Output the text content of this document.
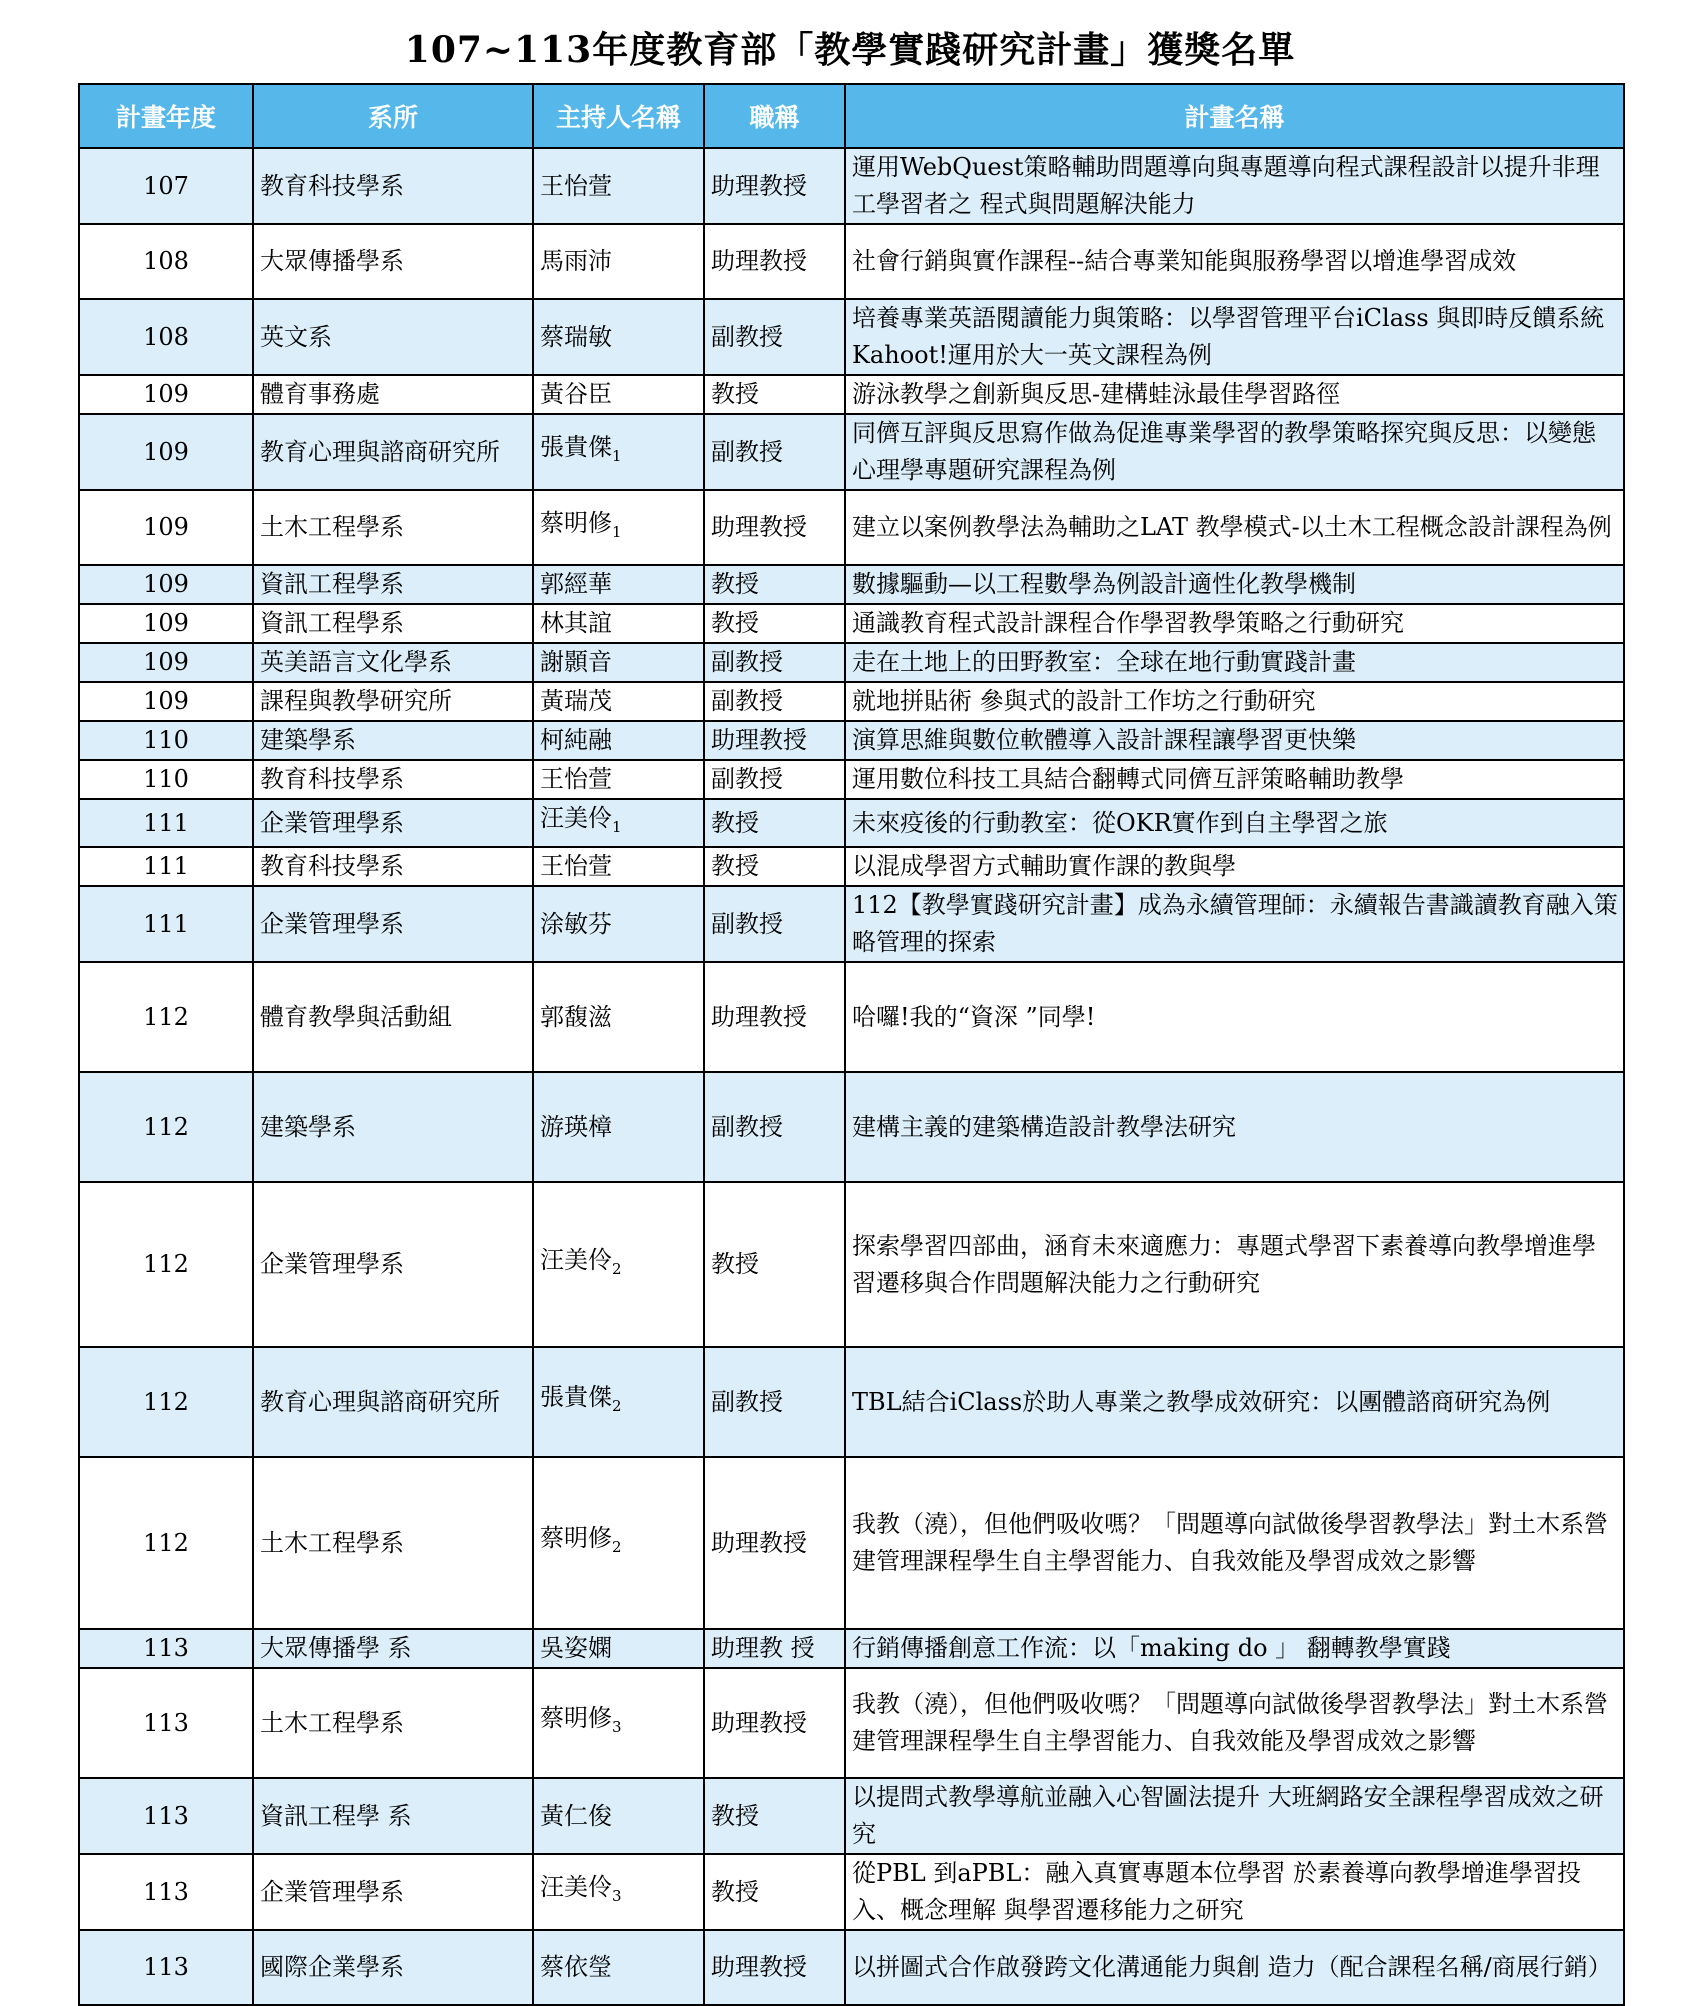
107~113年度教育部「教學實踐研究計畫」獲獎名單
計畫年度	系所	主持人名稱	職稱	計畫名稱
107	教育科技學系	王怡萱	助理教授	運用WebQuest策略輔助問題導向與專題導向程式課程設計以提升非理工學習者之 程式與問題解決能力
108	大眾傳播學系	馬雨沛	助理教授	社會行銷與實作課程--結合專業知能與服務學習以增進學習成效
108	英文系	蔡瑞敏	副教授	培養專業英語閱讀能力與策略：以學習管理平台iClass 與即時反饋系統Kahoot!運用於大一英文課程為例
109	體育事務處	黃谷臣	教授	游泳教學之創新與反思-建構蛙泳最佳學習路徑
109	教育心理與諮商研究所	張貴傑$_1$	副教授	同儕互評與反思寫作做為促進專業學習的教學策略探究與反思：以變態心理學專題研究課程為例
109	土木工程學系	蔡明修$_1$	助理教授	建立以案例教學法為輔助之LAT 教學模式-以土木工程概念設計課程為例
109	資訊工程學系	郭經華	教授	數據驅動—以工程數學為例設計適性化教學機制
109	資訊工程學系	林其誼	教授	通識教育程式設計課程合作學習教學策略之行動研究
109	英美語言文化學系	謝顥音	副教授	走在土地上的田野教室：全球在地行動實踐計畫
109	課程與教學研究所	黃瑞茂	副教授	就地拼貼術 參與式的設計工作坊之行動研究
110	建築學系	柯純融	助理教授	演算思維與數位軟體導入設計課程讓學習更快樂
110	教育科技學系	王怡萱	副教授	運用數位科技工具結合翻轉式同儕互評策略輔助教學
111	企業管理學系	汪美伶$_1$	教授	未來疫後的行動教室：從OKR實作到自主學習之旅
111	教育科技學系	王怡萱	教授	以混成學習方式輔助實作課的教與學
111	企業管理學系	涂敏芬	副教授	112【教學實踐研究計畫】成為永續管理師：永續報告書識讀教育融入策略管理的探索
112	體育教學與活動組	郭馥滋	助理教授	哈囉!我的“資深 ”同學!
112	建築學系	游瑛樟	副教授	建構主義的建築構造設計教學法研究
112	企業管理學系	汪美伶$_2$	教授	探索學習四部曲，涵育未來適應力：專題式學習下素養導向教學增進學習遷移與合作問題解決能力之行動研究
112	教育心理與諮商研究所	張貴傑$_2$	副教授	TBL結合iClass於助人專業之教學成效研究：以團體諮商研究為例
112	土木工程學系	蔡明修$_2$	助理教授	我教（澆），但他們吸收嗎？「問題導向試做後學習教學法」對土木系營建管理課程學生自主學習能力、自我效能及學習成效之影響
113	大眾傳播學 系	吳姿嫻	助理教 授	行銷傳播創意工作流：以「making do 」 翻轉教學實踐
113	土木工程學系	蔡明修$_3$	助理教授	我教（澆），但他們吸收嗎？「問題導向試做後學習教學法」對土木系營建管理課程學生自主學習能力、自我效能及學習成效之影響
113	資訊工程學 系	黃仁俊	教授	以提問式教學導航並融入心智圖法提升 大班網路安全課程學習成效之研究
113	企業管理學系	汪美伶$_3$	教授	從PBL 到aPBL：融入真實專題本位學習 於素養導向教學增進學習投入、概念理解 與學習遷移能力之研究
113	國際企業學系	蔡依瑩	助理教授	以拼圖式合作啟發跨文化溝通能力與創 造力（配合課程名稱/商展行銷）
